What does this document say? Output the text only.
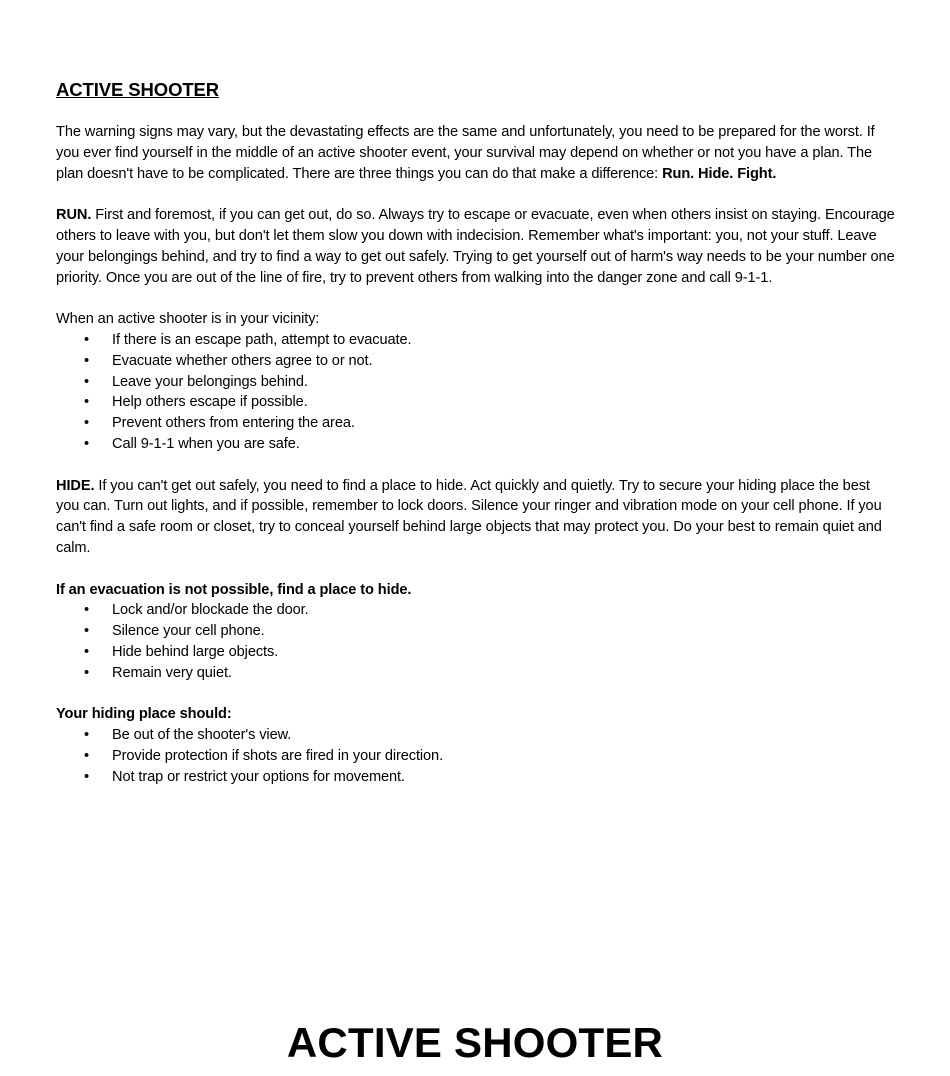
ACTIVE SHOOTER

The warning signs may vary, but the devastating effects are the same and unfortunately, you need to be prepared for the worst. If you ever find yourself in the middle of an active shooter event, your survival may depend on whether or not you have a plan. The plan doesn't have to be complicated. There are three things you can do that make a difference: Run. Hide. Fight.

RUN. First and foremost, if you can get out, do so. Always try to escape or evacuate, even when others insist on staying. Encourage others to leave with you, but don't let them slow you down with indecision. Remember what's important: you, not your stuff. Leave your belongings behind, and try to find a way to get out safely. Trying to get yourself out of harm's way needs to be your number one priority. Once you are out of the line of fire, try to prevent others from walking into the danger zone and call 9-1-1.

When an active shooter is in your vicinity:
• If there is an escape path, attempt to evacuate.
• Evacuate whether others agree to or not.
• Leave your belongings behind.
• Help others escape if possible.
• Prevent others from entering the area.
• Call 9-1-1 when you are safe.

HIDE. If you can't get out safely, you need to find a place to hide. Act quickly and quietly. Try to secure your hiding place the best you can. Turn out lights, and if possible, remember to lock doors. Silence your ringer and vibration mode on your cell phone. If you can't find a safe room or closet, try to conceal yourself behind large objects that may protect you. Do your best to remain quiet and calm.

If an evacuation is not possible, find a place to hide.
• Lock and/or blockade the door.
• Silence your cell phone.
• Hide behind large objects.
• Remain very quiet.
Your hiding place should:
• Be out of the shooter's view.
• Provide protection if shots are fired in your direction.
• Not trap or restrict your options for movement.
ACTIVE SHOOTER
